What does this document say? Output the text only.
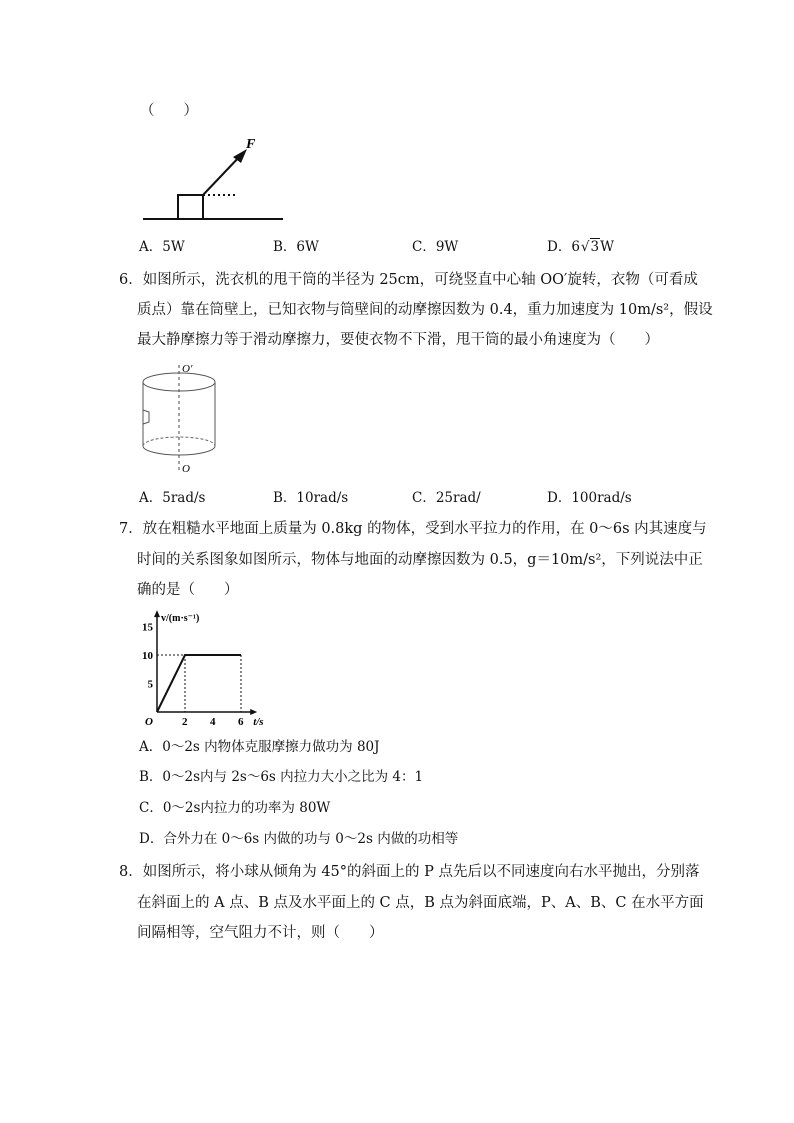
（　　）
F
A．5W	B．6W	C．9W	D．6√3W
6．如图所示，洗衣机的甩干筒的半径为 25cm，可绕竖直中心轴 OO′旋转，衣物（可看成
质点）靠在筒壁上，已知衣物与筒壁间的动摩擦因数为 0.4，重力加速度为 10m/s²，假设
最大静摩擦力等于滑动摩擦力，要使衣物不下滑，甩干筒的最小角速度为（　　）
O′
O
A．5rad/s	B．10rad/s	C．25rad/	D．100rad/s
7．放在粗糙水平地面上质量为 0.8kg 的物体，受到水平拉力的作用，在 0～6s 内其速度与
时间的关系图象如图所示，物体与地面的动摩擦因数为 0.5，g＝10m/s²，下列说法中正
确的是（　　）
2 4 6
5
10
15
O	t/s
v/(m·s⁻¹)
A．0～2s 内物体克服摩擦力做功为 80J
B．0～2s内与 2s～6s 内拉力大小之比为 4：1
C．0～2s内拉力的功率为 80W
D．合外力在 0～6s 内做的功与 0～2s 内做的功相等
8．如图所示，将小球从倾角为 45°的斜面上的 P 点先后以不同速度向右水平抛出，分别落
在斜面上的 A 点、B 点及水平面上的 C 点，B 点为斜面底端，P、A、B、C 在水平方面
间隔相等，空气阻力不计，则（　　）
